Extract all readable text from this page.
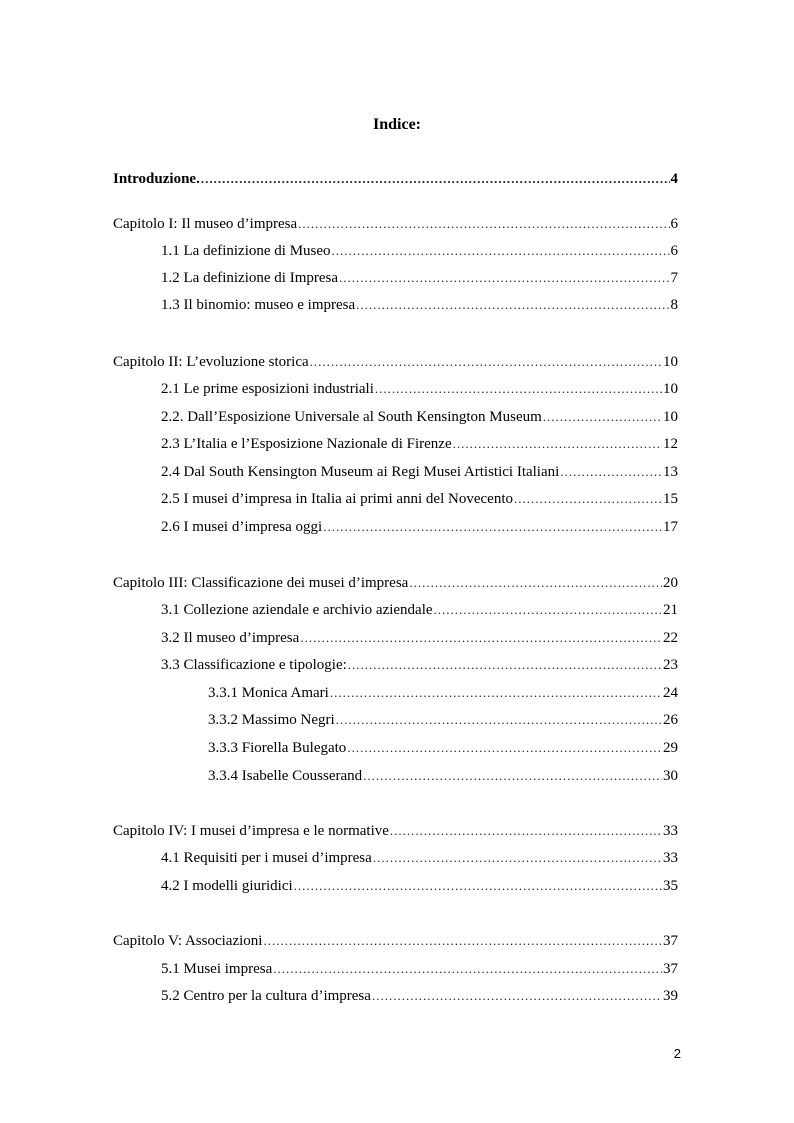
Indice:
Introduzione. .....	4
Capitolo I: Il museo d’impresa .....	6
1.1 La definizione di Museo .....	6
1.2 La definizione di Impresa .....	7
1.3 Il binomio: museo e impresa .....	8
Capitolo II: L’evoluzione storica .....	10
2.1 Le prime esposizioni industriali .....	10
2.2. Dall’Esposizione Universale al South Kensington Museum .....	10
2.3 L’Italia e l’Esposizione Nazionale di Firenze .....	12
2.4 Dal South Kensington Museum ai Regi Musei Artistici Italiani .....	13
2.5 I musei d’impresa in Italia ai primi anni del Novecento .....	15
2.6 I musei d’impresa oggi .....	17
Capitolo III: Classificazione dei musei d’impresa .....	20
3.1 Collezione aziendale e archivio aziendale .....	21
3.2 Il museo d’impresa .....	22
3.3 Classificazione e tipologie: .....	23
3.3.1 Monica Amari .....	24
3.3.2 Massimo Negri .....	26
3.3.3 Fiorella Bulegato .....	29
3.3.4 Isabelle Cousserand .....	30
Capitolo IV: I musei d’impresa e le normative .....	33
4.1 Requisiti per i musei d’impresa .....	33
4.2 I modelli giuridici .....	35
Capitolo V: Associazioni .....	37
5.1 Musei impresa .....	37
5.2 Centro per la cultura d’impresa .....	39
2
